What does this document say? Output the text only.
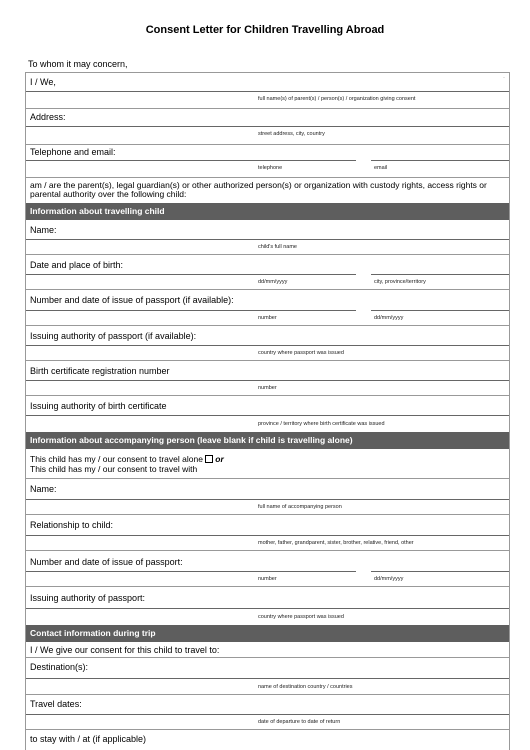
Consent Letter for Children Travelling Abroad
To whom it may concern,
I / We,	·
full name(s) of parent(s) / person(s) / organization giving consent
Address:
street address, city, country
Telephone and email:
telephone	email
am / are the parent(s), legal guardian(s) or other authorized person(s) or organization with custody rights, access rights or parental authority over the following child:
Information about travelling child
Name:
child's full name
Date and place of birth:
dd/mm/yyyy	city, province/territory
Number and date of issue of passport (if available):
number	dd/mm/yyyy
Issuing authority of passport (if available):
country where passport was issued
Birth certificate registration number
number
Issuing authority of birth certificate
province / territory where birth certificate was issued
Information about accompanying person (leave blank if child is travelling alone)
This child has my / our consent to travel alone or
This child has my / our consent to travel with
Name:
full name of accompanying person
Relationship to child:
mother, father, grandparent, sister, brother, relative, friend, other
Number and date of issue of passport:
number	dd/mm/yyyy
Issuing authority of passport:
country where passport was issued
Contact information during trip
I / We give our consent for this child to travel to:
Destination(s):
name of destination country / countries
Travel dates:
date of departure to date of return
to stay with / at (if applicable)
